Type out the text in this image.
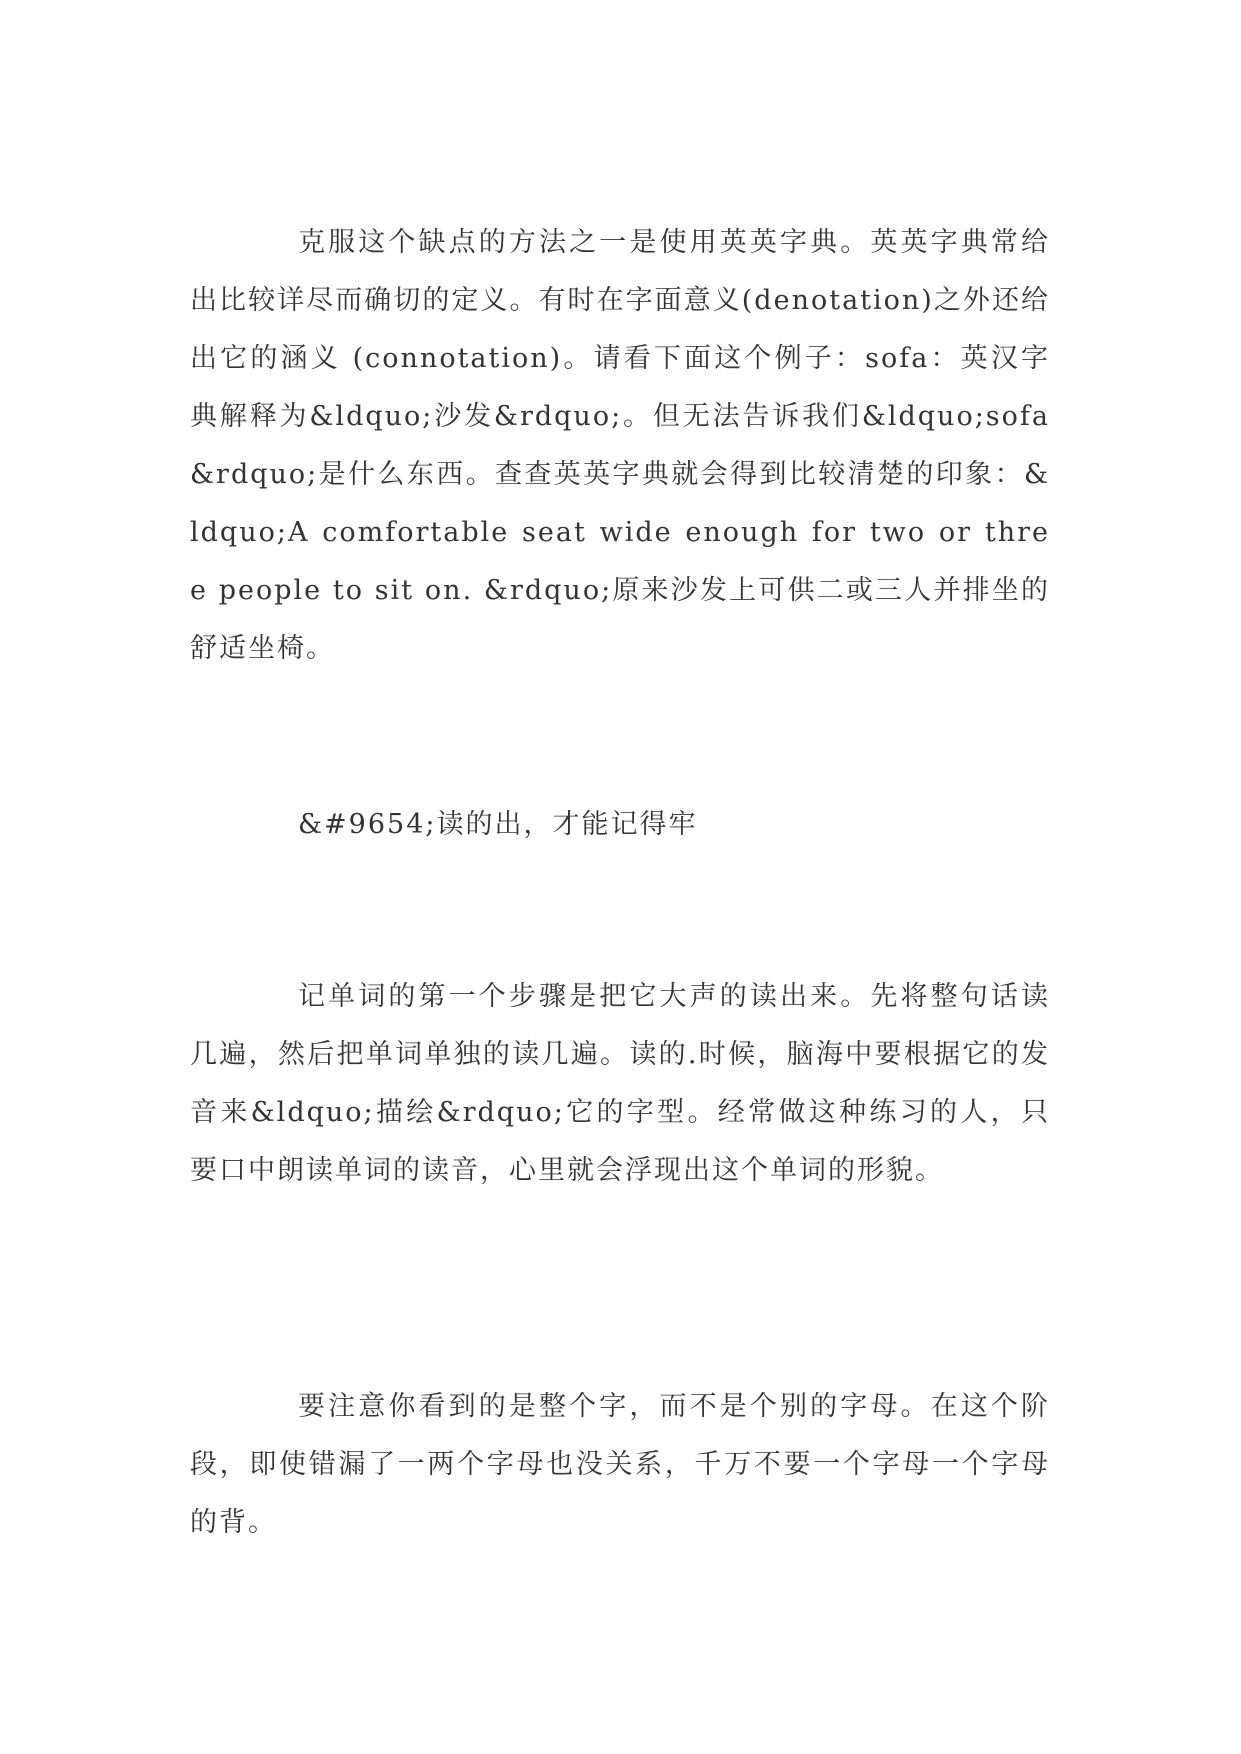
克服这个缺点的方法之一是使用英英字典。英英字典常给出比较详尽而确切的定义。有时在字面意义(denotation)之外还给出它的涵义 (connotation)。请看下面这个例子：sofa：英汉字典解释为&ldquo;沙发&rdquo;。但无法告诉我们&ldquo;sofa&rdquo;是什么东西。查查英英字典就会得到比较清楚的印象：&ldquo;A comfortable seat wide enough for two or three people to sit on. &rdquo;原来沙发上可供二或三人并排坐的舒适坐椅。

&#9654;读的出，才能记得牢

记单词的第一个步骤是把它大声的读出来。先将整句话读几遍，然后把单词单独的读几遍。读的.时候，脑海中要根据它的发音来&ldquo;描绘&rdquo;它的字型。经常做这种练习的人，只要口中朗读单词的读音，心里就会浮现出这个单词的形貌。

要注意你看到的是整个字，而不是个别的字母。在这个阶段，即使错漏了一两个字母也没关系，千万不要一个字母一个字母的背。
